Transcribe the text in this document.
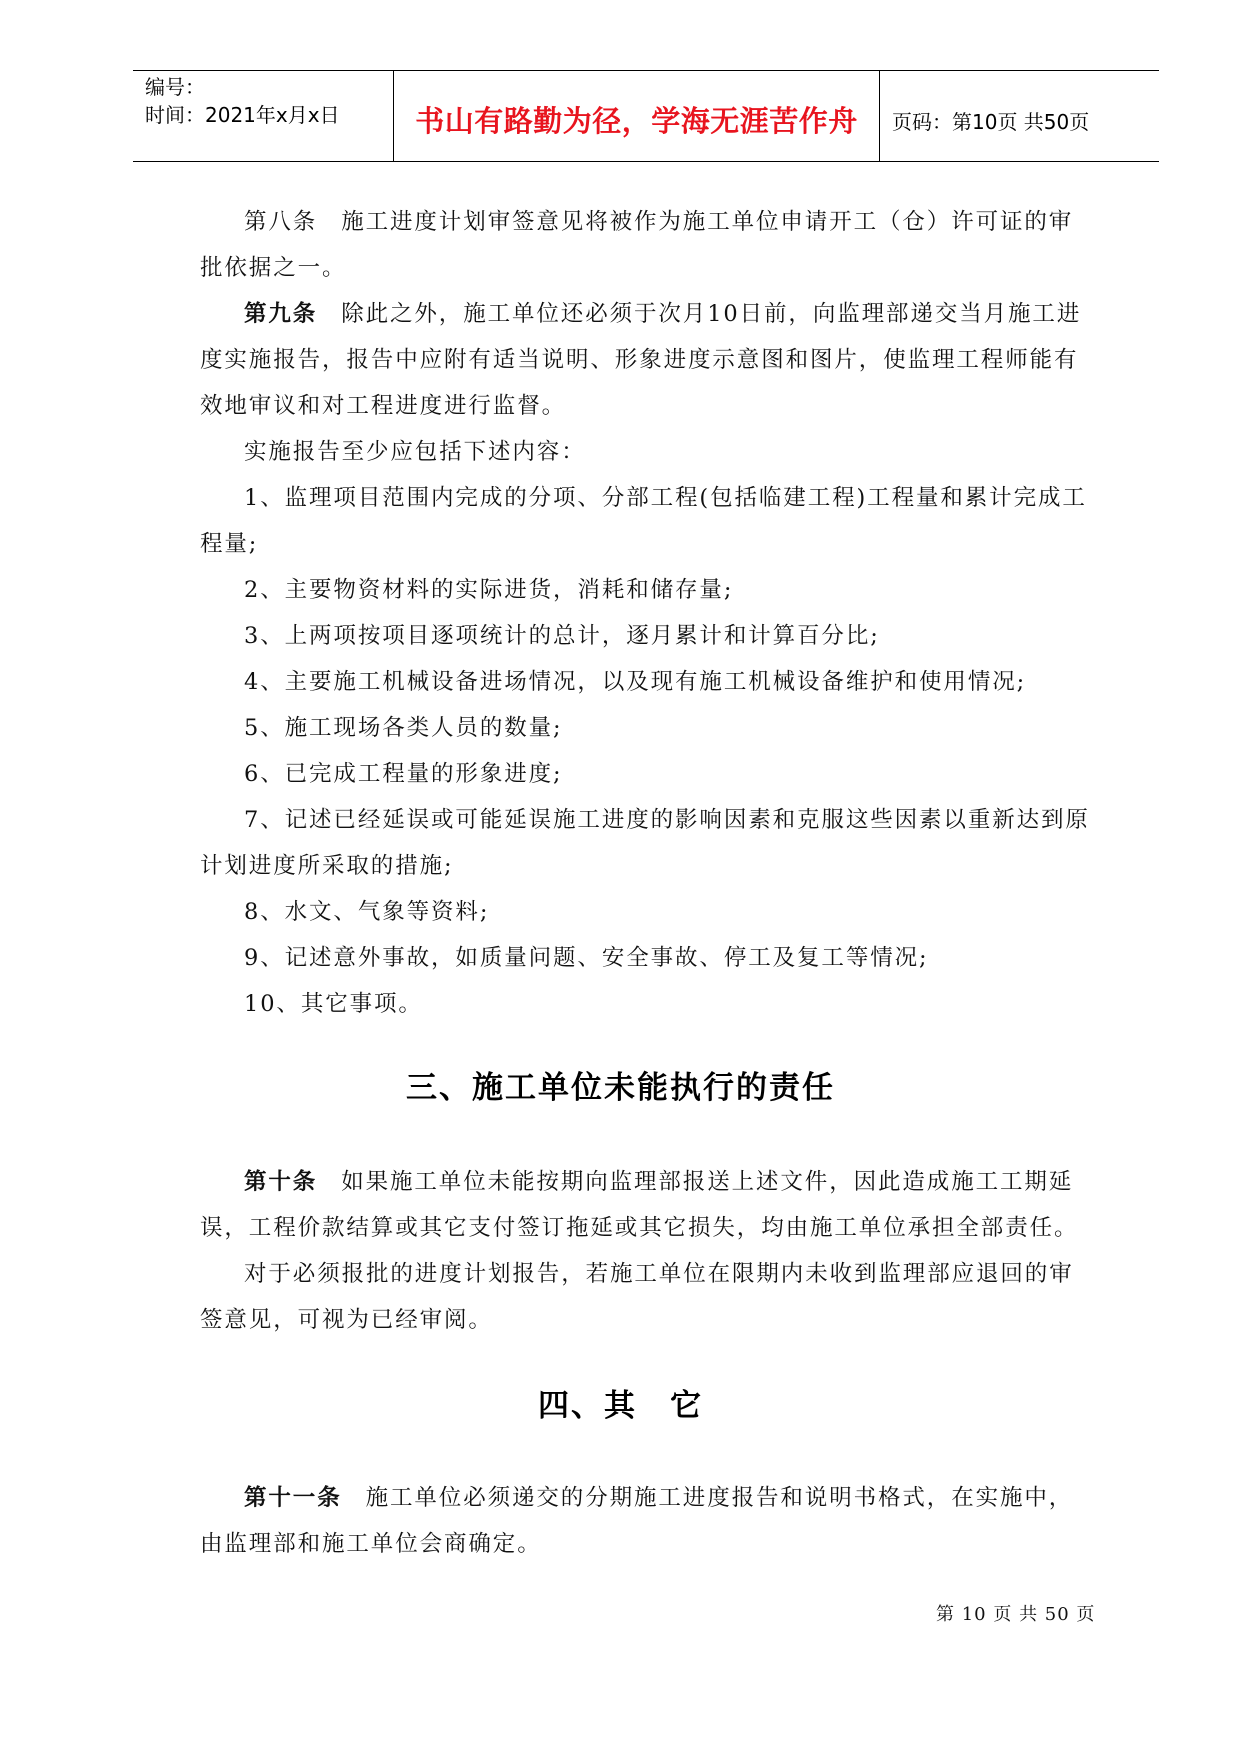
编号：
时间：2021年x月x日	书山有路勤为径，学海无涯苦作舟	页码：第10页 共50页
第八条 施工进度计划审签意见将被作为施工单位申请开工（仓）许可证的审
批依据之一。
第九条 除此之外，施工单位还必须于次月10日前，向监理部递交当月施工进
度实施报告，报告中应附有适当说明、形象进度示意图和图片，使监理工程师能有
效地审议和对工程进度进行监督。
实施报告至少应包括下述内容：
1、监理项目范围内完成的分项、分部工程(包括临建工程)工程量和累计完成工
程量;
2、主要物资材料的实际进货，消耗和储存量;
3、上两项按项目逐项统计的总计，逐月累计和计算百分比;
4、主要施工机械设备进场情况，以及现有施工机械设备维护和使用情况;
5、施工现场各类人员的数量;
6、已完成工程量的形象进度;
7、记述已经延误或可能延误施工进度的影响因素和克服这些因素以重新达到原
计划进度所采取的措施;
8、水文、气象等资料;
9、记述意外事故，如质量问题、安全事故、停工及复工等情况;
10、其它事项。
第十条 如果施工单位未能按期向监理部报送上述文件，因此造成施工工期延
误，工程价款结算或其它支付签订拖延或其它损失，均由施工单位承担全部责任。
对于必须报批的进度计划报告，若施工单位在限期内未收到监理部应退回的审
签意见，可视为已经审阅。
第十一条 施工单位必须递交的分期施工进度报告和说明书格式，在实施中，
由监理部和施工单位会商确定。
三、施工单位未能执行的责任
四、其　它
第 10 页 共 50 页
